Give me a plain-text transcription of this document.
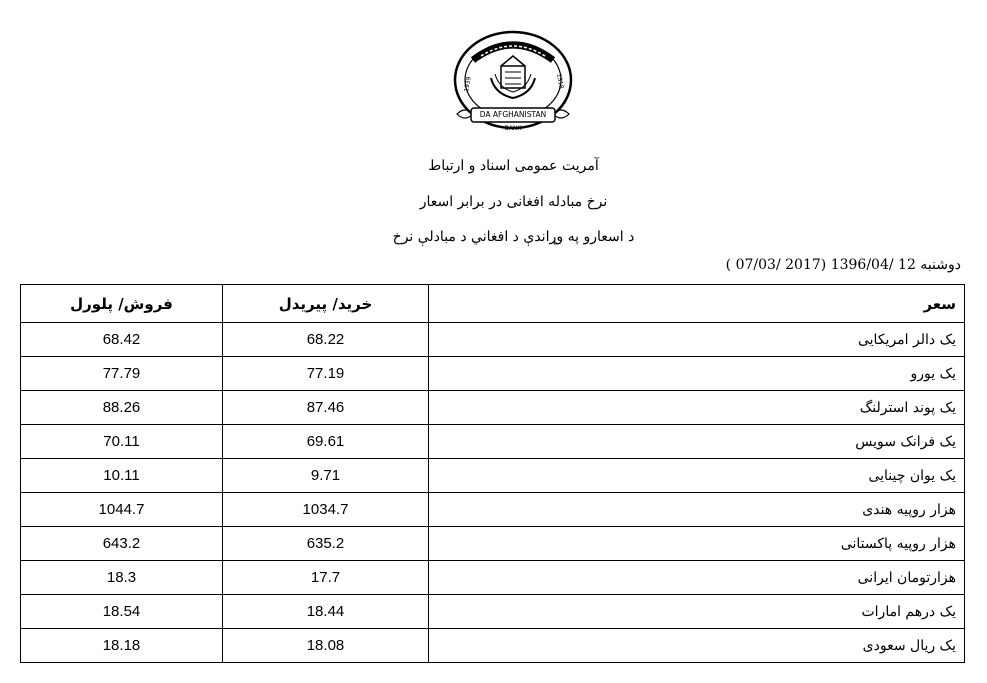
1939	1318
DA AFGHANISTAN
BANK
آمریت عمومی اسناد و ارتباط
نرخ مبادله افغانی در برابر اسعار
د اسعارو په وړاندې د افغاني د مبادلې نرخ
دوشنبه 12 /1396/04 (2017 /07/03 )
فروش/ پلورل	خرید/ پیریدل	سعر
68.42	68.22	یک دالر امریکایی
77.79	77.19	یک یورو
88.26	87.46	یک پوند استرلنگ
70.11	69.61	یک فرانک سویس
10.11	9.71	یک یوان چینایی
1044.7	1034.7	هزار روپیه هندی
643.2	635.2	هزار روپیه پاکستانی
18.3	17.7	هزارتومان ایرانی
18.54	18.44	یک درهم امارات
18.18	18.08	یک ریال سعودی
